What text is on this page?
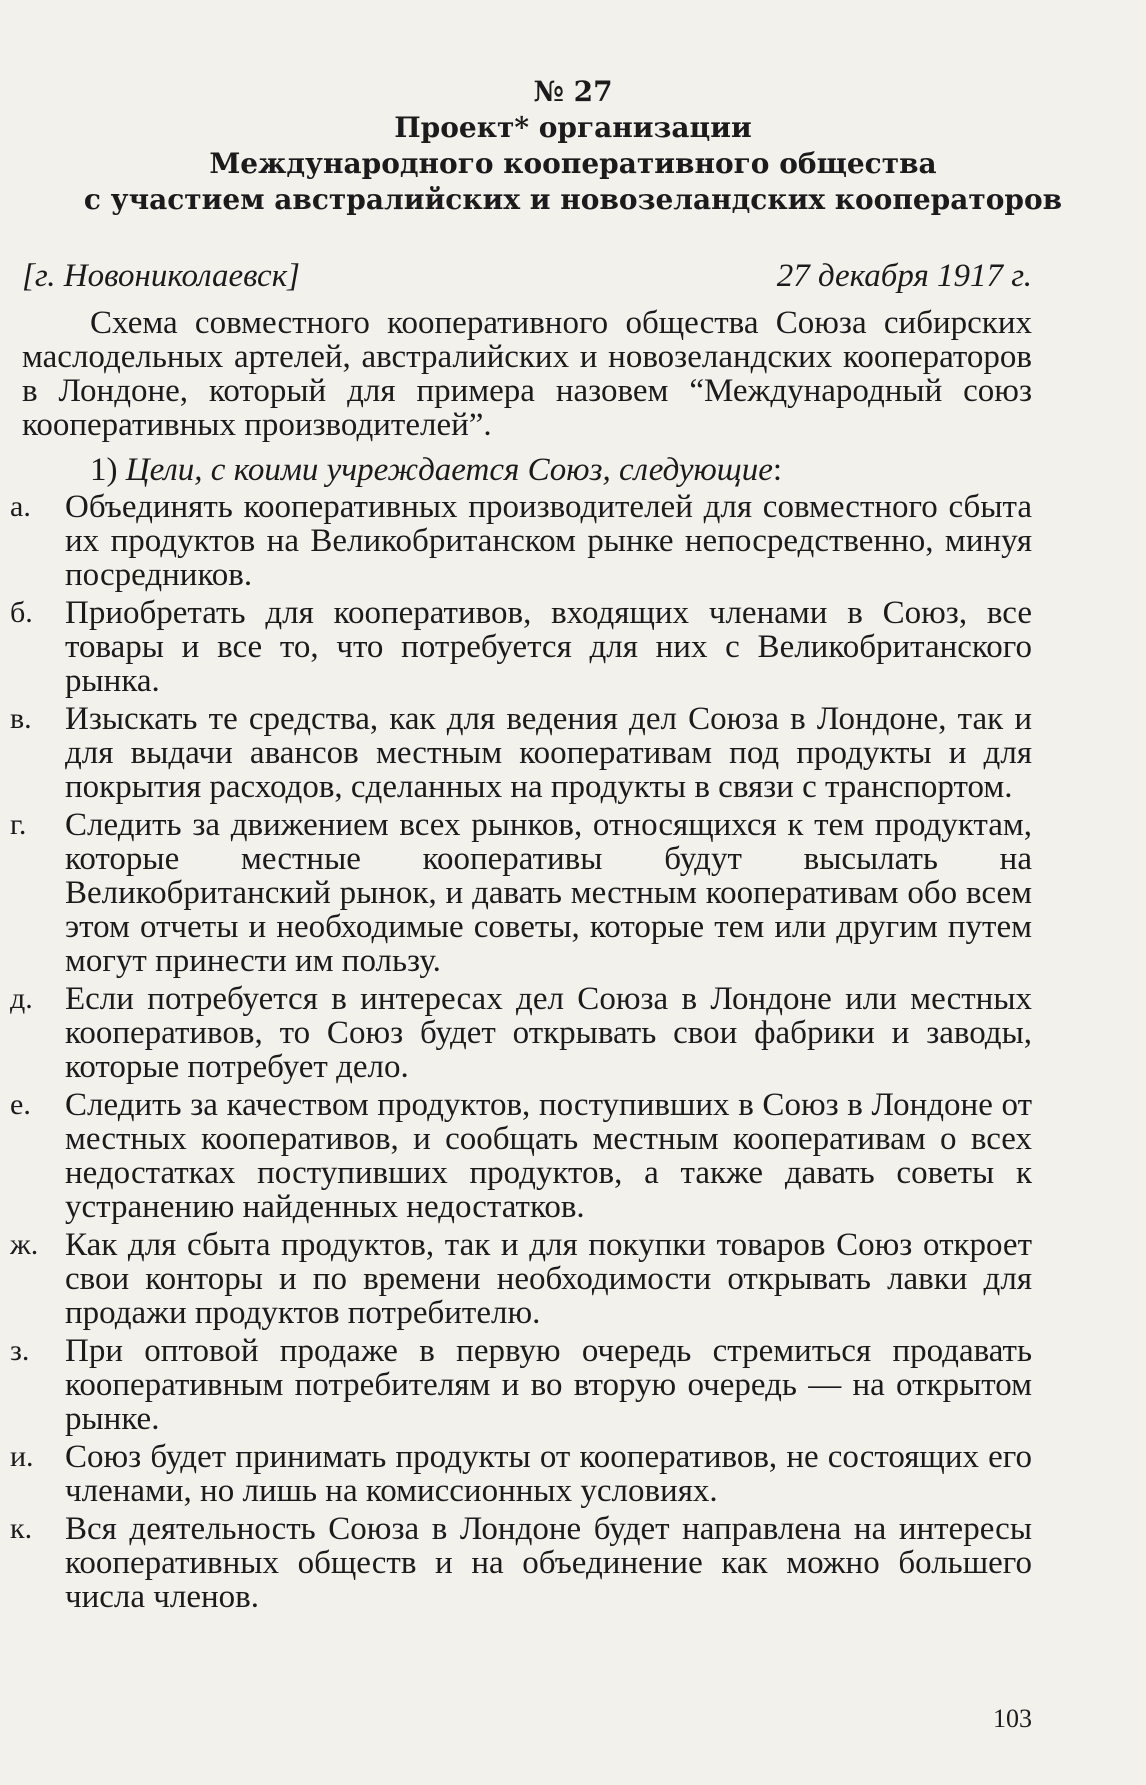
№ 27
Проект* организации
Международного кооперативного общества
с участием австралийских и новозеландских кооператоров
[г. Новониколаевск]	27 декабря 1917 г.

Схема совместного кооперативного общества Союза сибирских маслодельных артелей, австралийских и новозеландских кооператоров в Лондоне, который для примера назовем “Международный союз кооперативных производителей”.

1) Цели, с коими учреждается Союз, следующие:
а.	Объединять кооперативных производителей для совместного сбыта их продуктов на Великобританском рынке непосредственно, минуя посредников.
б. Приобретать для кооперативов, входящих членами в Союз, все товары и все то, что потребуется для них с Великобританского рынка.
в.	Изыскать те средства, как для ведения дел Союза в Лондоне, так и для выдачи авансов местным кооперативам под продукты и для покрытия расходов, сделанных на продукты в связи с транспортом.
г.	Следить за движением всех рынков, относящихся к тем продуктам, которые местные кооперативы будут высылать на Великобританский рынок, и давать местным кооперативам обо всем этом отчеты и необходимые советы, которые тем или другим путем могут принести им пользу.
д. Если потребуется в интересах дел Союза в Лондоне или местных кооперативов, то Союз будет открывать свои фабрики и заводы, которые потребует дело.
е.	Следить за качеством продуктов, поступивших в Союз в Лондоне от местных кооперативов, и сообщать местным кооперативам о всех недостатках поступивших продуктов, а также давать советы к устранению найденных недостатков.
ж. Как для сбыта продуктов, так и для покупки товаров Союз откроет свои конторы и по времени необходимости открывать лавки для продажи продуктов потребителю.
з.	При оптовой продаже в первую очередь стремиться продавать кооперативным потребителям и во вторую очередь — на открытом рынке.
и. Союз будет принимать продукты от кооперативов, не состоящих его членами, но лишь на комиссионных условиях.
к. Вся деятельность Союза в Лондоне будет направлена на интересы кооперативных обществ и на объединение как можно большего числа членов.
103
